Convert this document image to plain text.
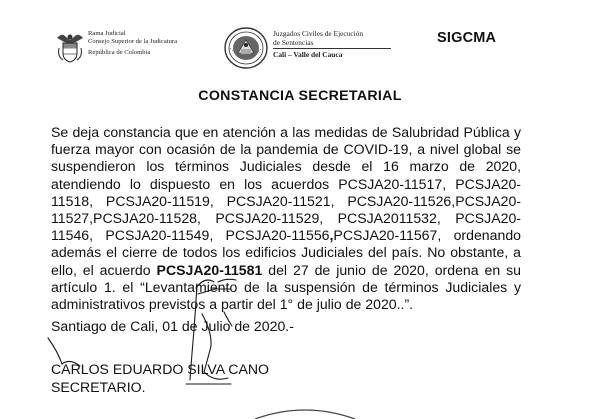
Rama Judicial
Consejo Superior de la Judicatura
República de Colombia
Juzgados Civiles de Ejecución
de Sentencias
Cali – Valle del Cauca
SIGCMA
CONSTANCIA SECRETARIAL
Se deja constancia que en atención a las medidas de Salubridad Pública y fuerza mayor con ocasión de la pandemia de COVID-19, a nivel global se suspendieron los términos Judiciales desde el 16 marzo de 2020, atendiendo lo dispuesto en los acuerdos PCSJA20-11517, PCSJA20-11518, PCSJA20-11519, PCSJA20-11521, PCSJA20-11526,PCSJA20-11527,PCSJA20-11528, PCSJA20-11529, PCSJA2011532, PCSJA20-11546, PCSJA20-11549, PCSJA20-11556,PCSJA20-11567, ordenando además el cierre de todos los edificios Judiciales del país. No obstante, a ello, el acuerdo PCSJA20-11581 del 27 de junio de 2020, ordena en su artículo 1. el “Levantamiento de la suspensión de términos Judiciales y administrativos previstos a partir del 1° de julio de 2020..”.
Santiago de Cali, 01 de Julio de 2020.-
CARLOS EDUARDO SILVA CANO
SECRETARIO.
